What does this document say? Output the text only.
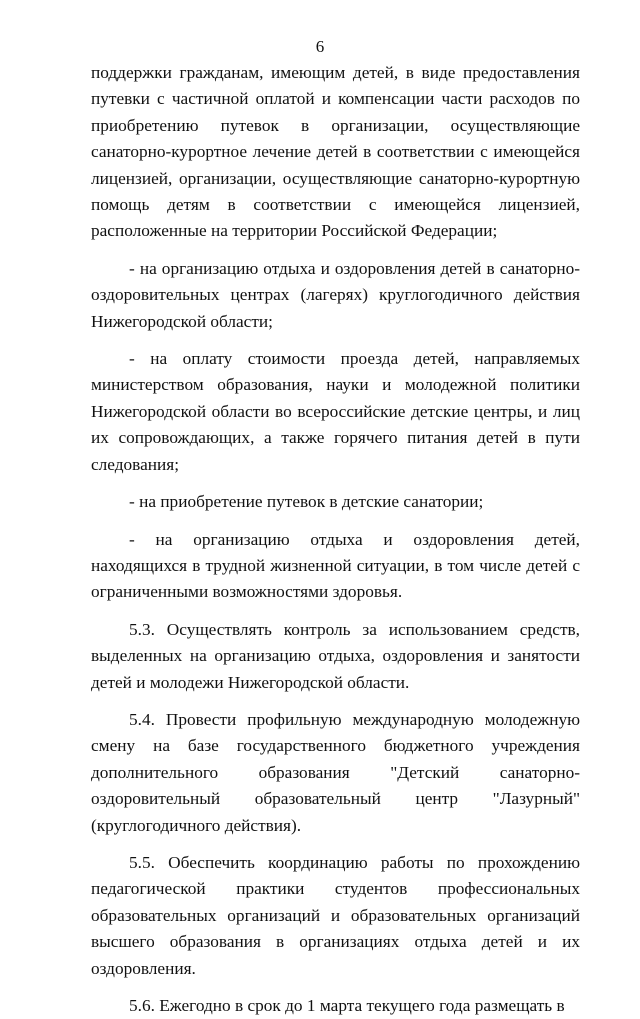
6

поддержки гражданам, имеющим детей, в виде предоставления путевки с частичной оплатой и компенсации части расходов по приобретению путевок в организации, осуществляющие санаторно-курортное лечение детей в соответствии с имеющейся лицензией, организации, осуществляющие санаторно-курортную помощь детям в соответствии с имеющейся лицензией, расположенные на территории Российской Федерации;

- на организацию отдыха и оздоровления детей в санаторно-оздоровительных центрах (лагерях) круглогодичного действия Нижегородской области;

- на оплату стоимости проезда детей, направляемых министерством образования, науки и молодежной политики Нижегородской области во всероссийские детские центры, и лиц их сопровождающих, а также горячего питания детей в пути следования;

- на приобретение путевок в детские санатории;

- на организацию отдыха и оздоровления детей, находящихся в трудной жизненной ситуации, в том числе детей с ограниченными возможностями здоровья.

5.3. Осуществлять контроль за использованием средств, выделенных на организацию отдыха, оздоровления и занятости детей и молодежи Нижегородской области.

5.4. Провести профильную международную молодежную смену на базе государственного бюджетного учреждения дополнительного образования "Детский санаторно-оздоровительный образовательный центр "Лазурный" (круглогодичного действия).

5.5. Обеспечить координацию работы по прохождению педагогической практики студентов профессиональных образовательных организаций и образовательных организаций высшего образования в организациях отдыха детей и их оздоровления.

5.6. Ежегодно в срок до 1 марта текущего года размещать в
